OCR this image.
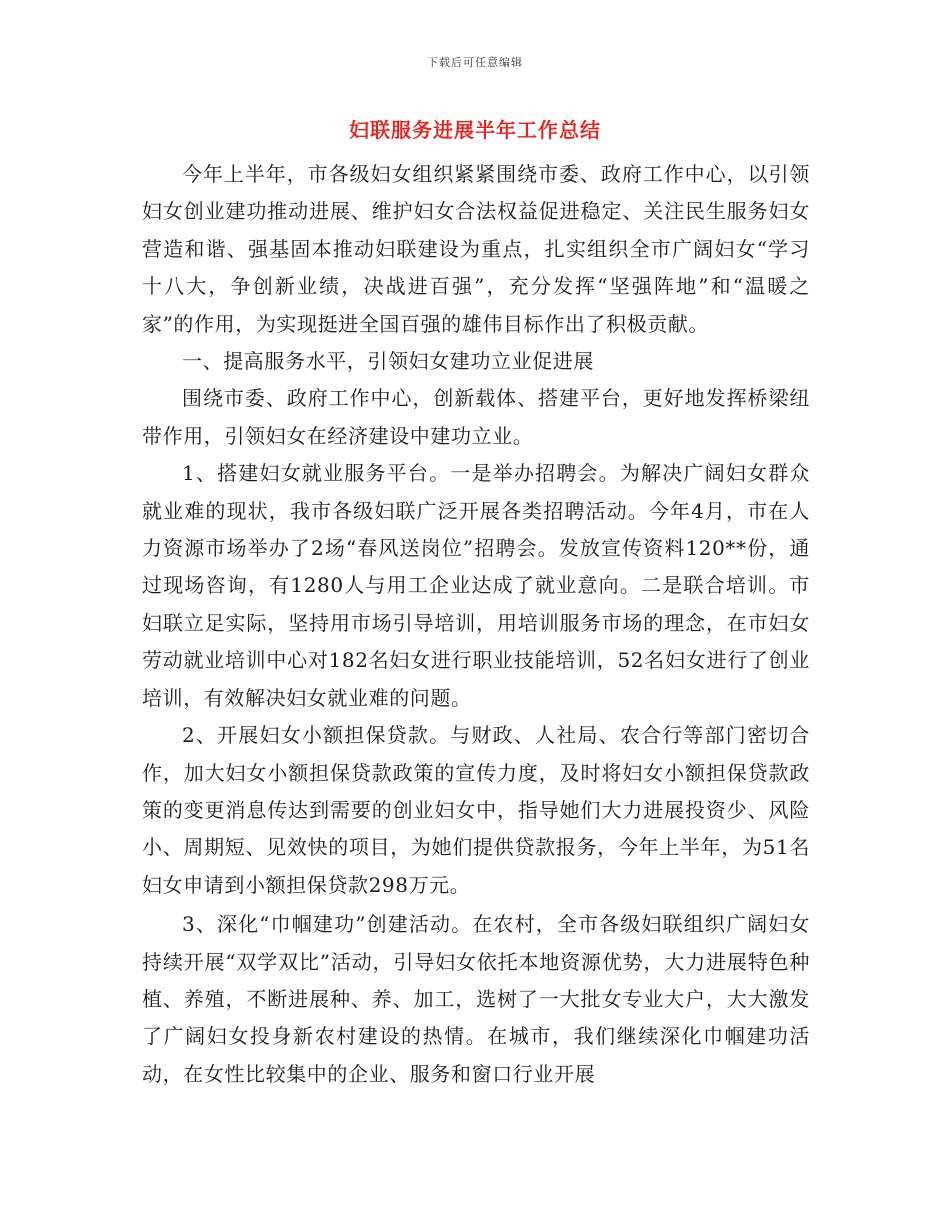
下载后可任意编辑
妇联服务进展半年工作总结

今年上半年，市各级妇女组织紧紧围绕市委、政府工作中心，以引领妇女创业建功推动进展、维护妇女合法权益促进稳定、关注民生服务妇女营造和谐、强基固本推动妇联建设为重点，扎实组织全市广阔妇女“学习十八大，争创新业绩，决战进百强”，充分发挥“坚强阵地”和“温暖之家”的作用，为实现挺进全国百强的雄伟目标作出了积极贡献。

一、提高服务水平，引领妇女建功立业促进展

围绕市委、政府工作中心，创新载体、搭建平台，更好地发挥桥梁纽带作用，引领妇女在经济建设中建功立业。

1、搭建妇女就业服务平台。一是举办招聘会。为解决广阔妇女群众就业难的现状，我市各级妇联广泛开展各类招聘活动。今年4月，市在人力资源市场举办了2场“春风送岗位”招聘会。发放宣传资料120**份，通过现场咨询，有1280人与用工企业达成了就业意向。二是联合培训。市妇联立足实际，坚持用市场引导培训，用培训服务市场的理念，在市妇女劳动就业培训中心对182名妇女进行职业技能培训，52名妇女进行了创业培训，有效解决妇女就业难的问题。

2、开展妇女小额担保贷款。与财政、人社局、农合行等部门密切合作，加大妇女小额担保贷款政策的宣传力度，及时将妇女小额担保贷款政策的变更消息传达到需要的创业妇女中，指导她们大力进展投资少、风险小、周期短、见效快的项目，为她们提供贷款报务，今年上半年，为51名妇女申请到小额担保贷款298万元。

3、深化“巾帼建功”创建活动。在农村，全市各级妇联组织广阔妇女持续开展“双学双比”活动，引导妇女依托本地资源优势，大力进展特色种植、养殖，不断进展种、养、加工，选树了一大批女专业大户，大大激发了广阔妇女投身新农村建设的热情。在城市，我们继续深化巾帼建功活动，在女性比较集中的企业、服务和窗口行业开展
